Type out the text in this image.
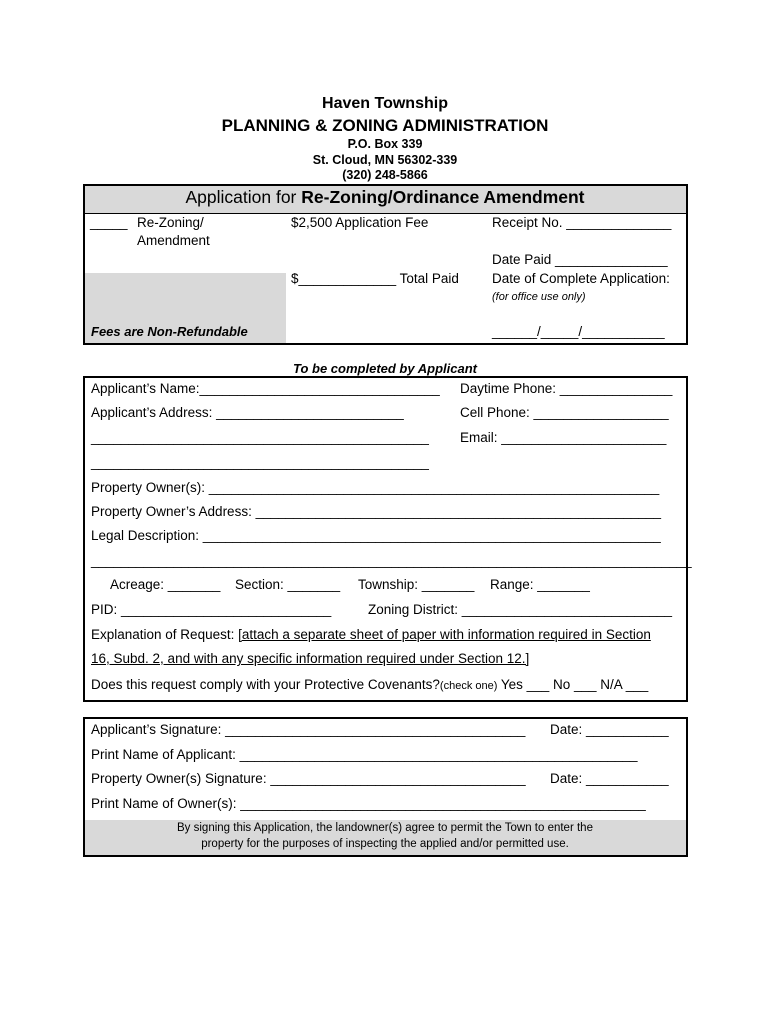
Haven Township
PLANNING & ZONING ADMINISTRATION
P.O. Box 339
St. Cloud, MN 56302-339
(320) 248-5866
Application for Re-Zoning/Ordinance Amendment
_____ Re-Zoning/
Amendment
$2,500 Application Fee	Receipt No. ______________
Date Paid _______________
$_____________ Total Paid Date of Complete Application:
(for office use only)
Fees are Non-Refundable	______/_____/___________
To be completed by Applicant
Applicant’s Name:________________________________ Daytime Phone: _______________
Applicant’s Address: _________________________	Cell Phone: __________________
_____________________________________________ Email: ______________________
_____________________________________________
Property Owner(s): ____________________________________________________________
Property Owner’s Address: ______________________________________________________
Legal Description: _____________________________________________________________
________________________________________________________________________________
Acreage: _______ Section: _______ Township: _______ Range: _______
PID: ____________________________	Zoning District: ____________________________
Explanation of Request: [attach a separate sheet of paper with information required in Section
16, Subd. 2, and with any specific information required under Section 12.]
Does this request comply with your Protective Covenants?(check one) Yes ___ No ___ N/A ___
Applicant’s Signature: ________________________________________ Date: ___________
Print Name of Applicant: _____________________________________________________
Property Owner(s) Signature: __________________________________ Date: ___________
Print Name of Owner(s): ______________________________________________________
By signing this Application, the landowner(s) agree to permit the Town to enter the
property for the purposes of inspecting the applied and/or permitted use.
